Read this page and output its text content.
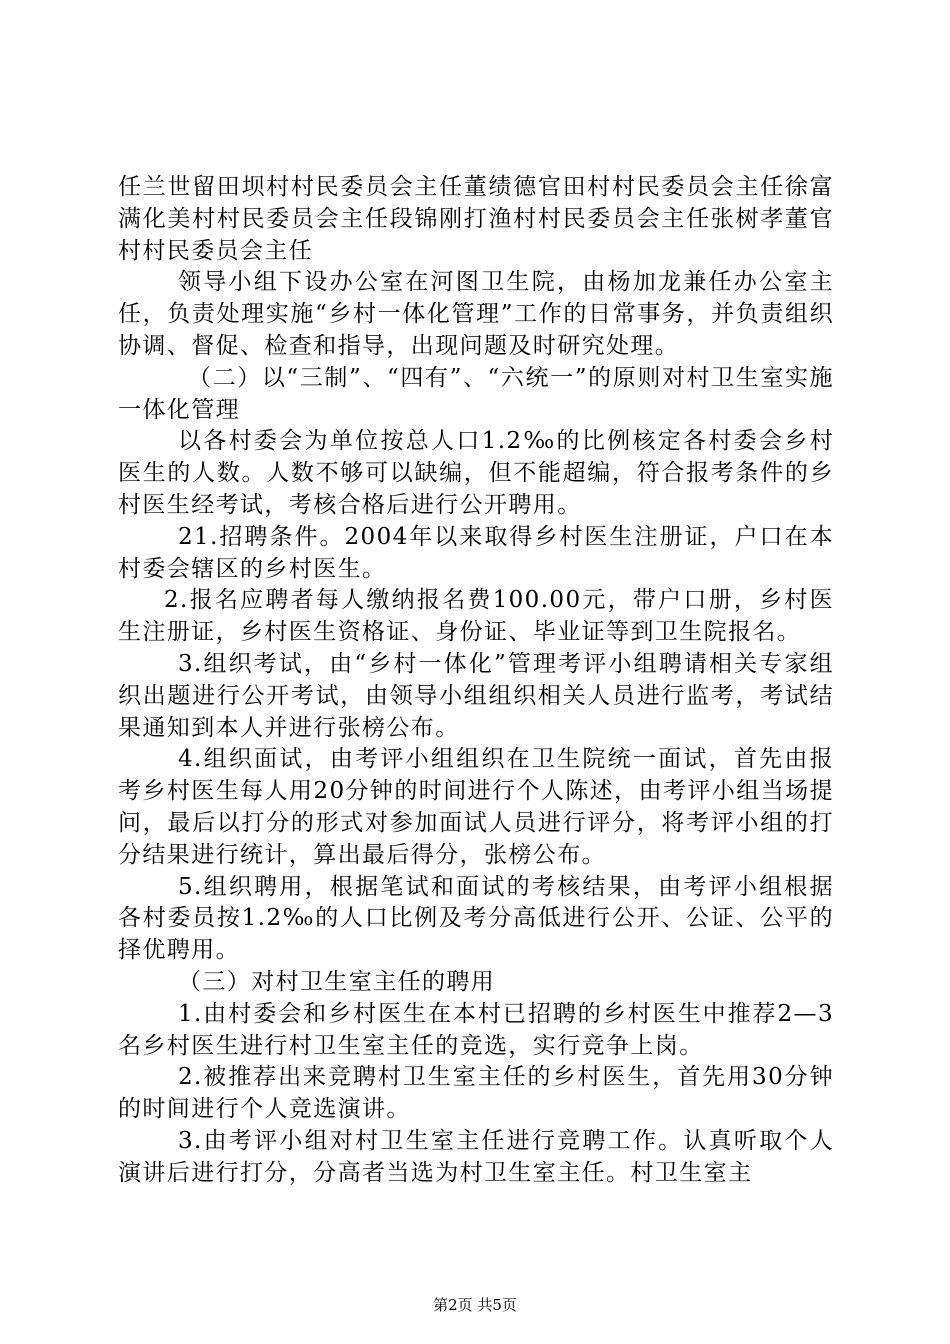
任兰世留田坝村村民委员会主任董绩德官田村村民委员会主任徐富满化美村村民委员会主任段锦刚打渔村村民委员会主任张树孝董官村村民委员会主任

领导小组下设办公室在河图卫生院，由杨加龙兼任办公室主任，负责处理实施“乡村一体化管理”工作的日常事务，并负责组织协调、督促、检查和指导，出现问题及时研究处理。

（二）以“三制”、“四有”、“六统一”的原则对村卫生室实施一体化管理

以各村委会为单位按总人口1.2‰的比例核定各村委会乡村医生的人数。人数不够可以缺编，但不能超编，符合报考条件的乡村医生经考试，考核合格后进行公开聘用。

21.招聘条件。2004年以来取得乡村医生注册证，户口在本村委会辖区的乡村医生。

2.报名应聘者每人缴纳报名费100.00元，带户口册，乡村医生注册证，乡村医生资格证、身份证、毕业证等到卫生院报名。

3.组织考试，由“乡村一体化”管理考评小组聘请相关专家组织出题进行公开考试，由领导小组组织相关人员进行监考，考试结果通知到本人并进行张榜公布。

4.组织面试，由考评小组组织在卫生院统一面试，首先由报考乡村医生每人用20分钟的时间进行个人陈述，由考评小组当场提问，最后以打分的形式对参加面试人员进行评分，将考评小组的打分结果进行统计，算出最后得分，张榜公布。

5.组织聘用，根据笔试和面试的考核结果，由考评小组根据各村委员按1.2‰的人口比例及考分高低进行公开、公证、公平的择优聘用。

（三）对村卫生室主任的聘用

1.由村委会和乡村医生在本村已招聘的乡村医生中推荐2—3名乡村医生进行村卫生室主任的竞选，实行竞争上岗。

2.被推荐出来竞聘村卫生室主任的乡村医生，首先用30分钟的时间进行个人竞选演讲。

3.由考评小组对村卫生室主任进行竞聘工作。认真听取个人演讲后进行打分，分高者当选为村卫生室主任。村卫生室主

第2页 共5页
